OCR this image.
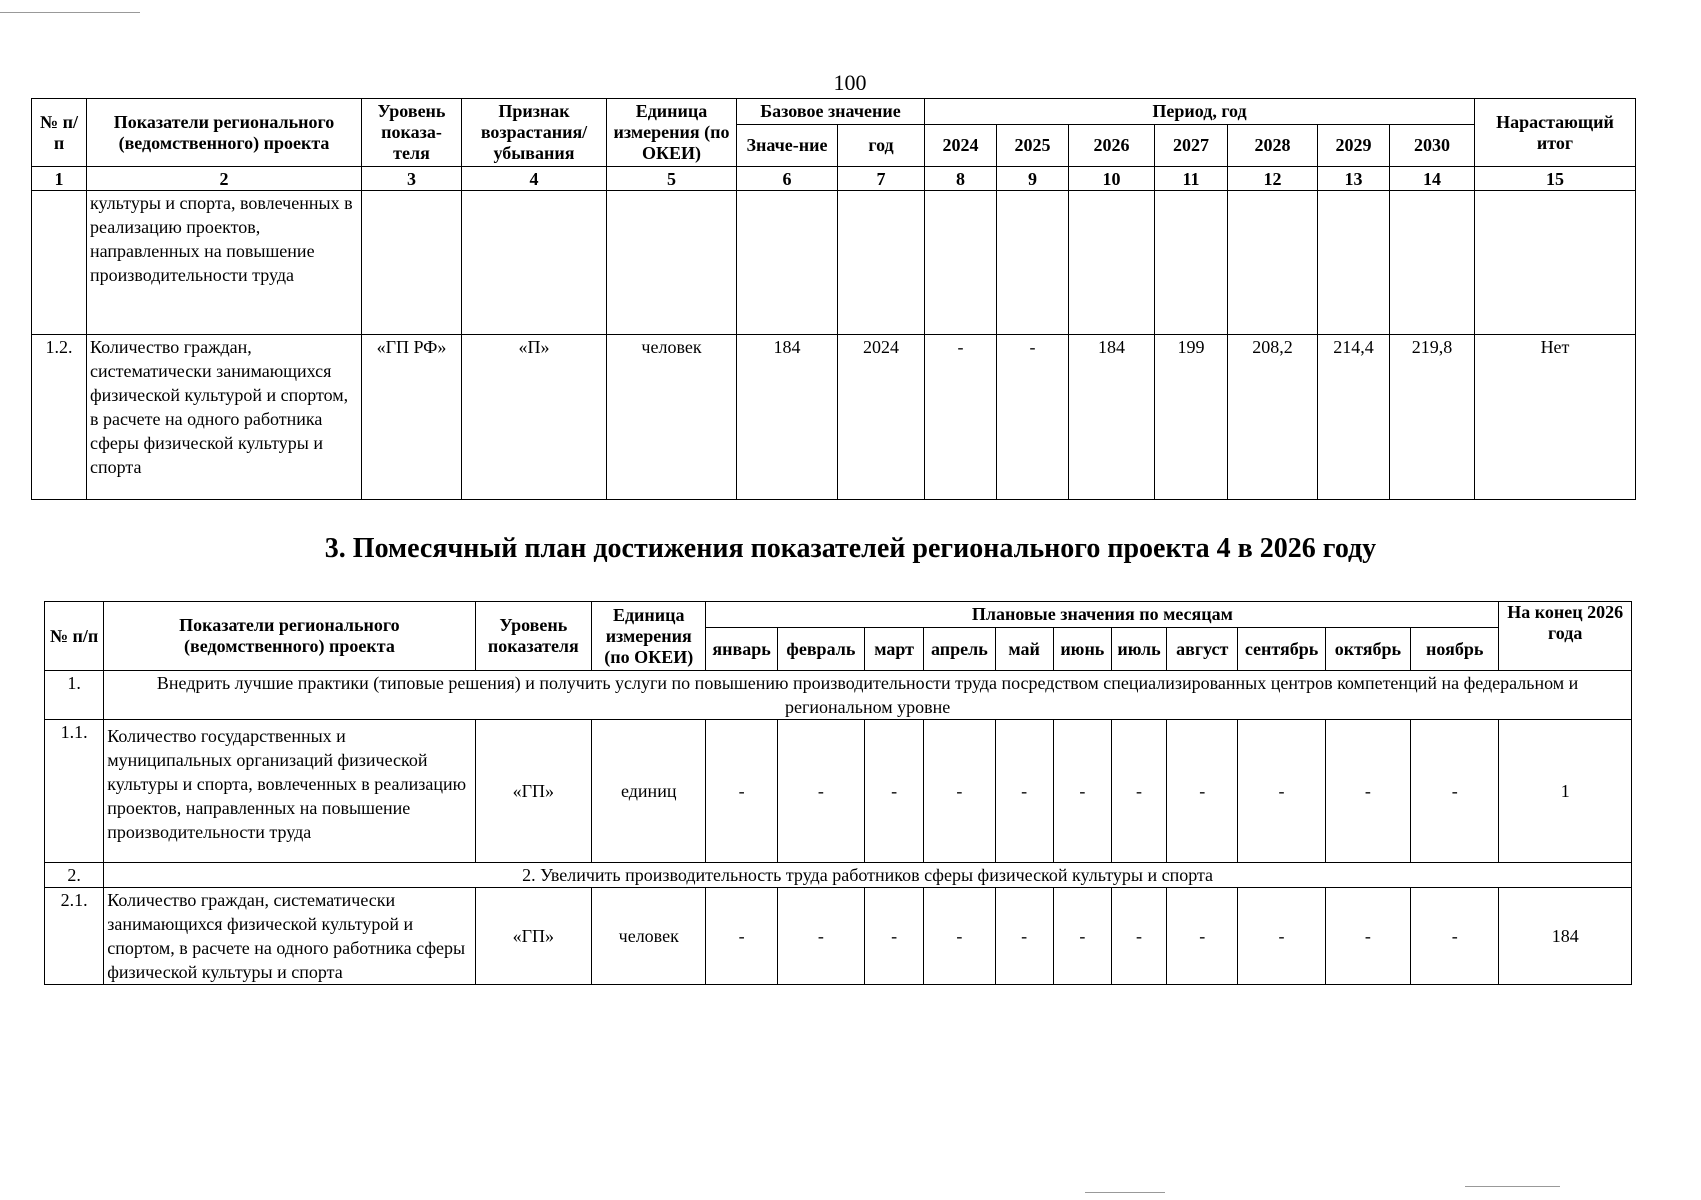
100
№ п/п	Показатели регионального (ведомственного) проекта	Уровень показа-теля	Признак возрастания/ убывания	Единица измерения (по ОКЕИ)	Базовое значение		Период, год							Нарастающий итог
					Значе-ние	год	2024	2025	2026	2027	2028	2029	2030	
1	2	3	4	5	6	7	8	9	10	11	12	13	14	15
	культуры и спорта, вовлеченных в реализацию проектов, направленных на повышение производительности труда													
1.2.	Количество граждан, систематически занимающихся физической культурой и спортом, в расчете на одного работника сферы физической культуры и спорта	«ГП РФ»	«П»	человек	184	2024	-	-	184	199	208,2	214,4	219,8	Нет
3. Помесячный план достижения показателей регионального проекта 4 в 2026 году
№ п/п	Показатели регионального (ведомственного) проекта	Уровень показателя	Единица измерения (по ОКЕИ)	Плановые значения по месяцам											На конец 2026 года
				январь	февраль	март	апрель	май	июнь	июль	август	сентябрь	октябрь	ноябрь	
1.	Внедрить лучшие практики (типовые решения) и получить услуги по повышению производительности труда посредством специализированных центров компетенций на федеральном и региональном уровне														
1.1.	Количество государственных и муниципальных организаций физической культуры и спорта, вовлеченных в реализацию проектов, направленных на повышение производительности труда	«ГП»	единиц	-	-	-	-	-	-	-	-	-	-	-	1
2.	2. Увеличить производительность труда работников сферы физической культуры и спорта														
2.1.	Количество граждан, систематически занимающихся физической культурой и спортом, в расчете на одного работника сферы физической культуры и спорта	«ГП»	человек	-	-	-	-	-	-	-	-	-	-	-	184
